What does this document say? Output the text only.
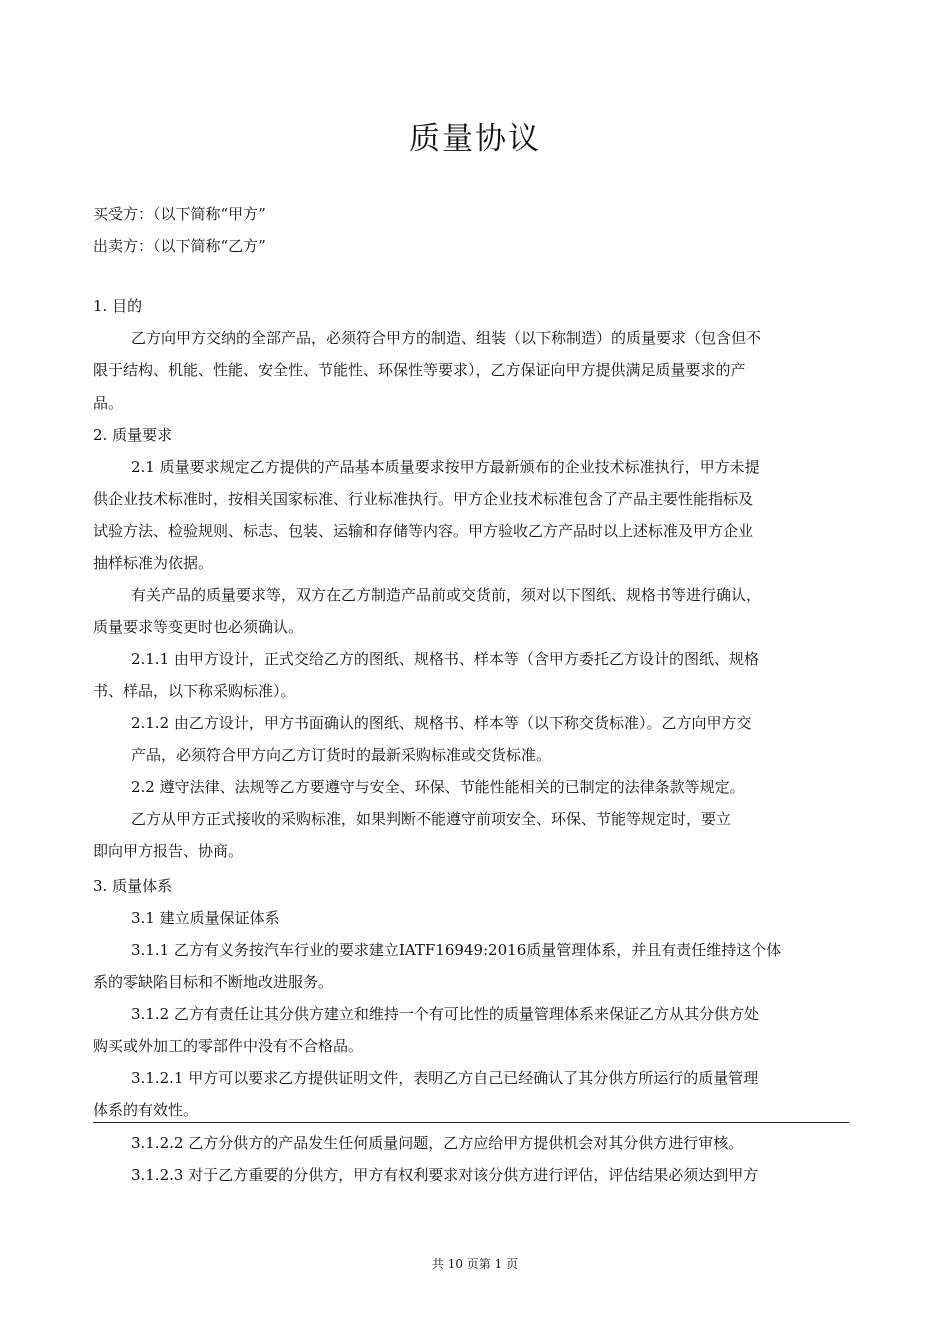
质量协议

买受方：（以下简称“甲方”

出卖方：（以下简称“乙方”

1. 目的

乙方向甲方交纳的全部产品，必须符合甲方的制造、组装（以下称制造）的质量要求（包含但不

限于结构、机能、性能、安全性、节能性、环保性等要求），乙方保证向甲方提供满足质量要求的产

品。

2. 质量要求

2.1 质量要求规定乙方提供的产品基本质量要求按甲方最新颁布的企业技术标准执行，甲方未提

供企业技术标准时，按相关国家标准、行业标准执行。甲方企业技术标准包含了产品主要性能指标及

试验方法、检验规则、标志、包装、运输和存储等内容。甲方验收乙方产品时以上述标准及甲方企业

抽样标准为依据。

有关产品的质量要求等，双方在乙方制造产品前或交货前，须对以下图纸、规格书等进行确认，

质量要求等变更时也必须确认。

2.1.1 由甲方设计，正式交给乙方的图纸、规格书、样本等（含甲方委托乙方设计的图纸、规格

书、样品，以下称采购标准）。

2.1.2 由乙方设计，甲方书面确认的图纸、规格书、样本等（以下称交货标准）。乙方向甲方交

产品，必须符合甲方向乙方订货时的最新采购标准或交货标准。

2.2 遵守法律、法规等乙方要遵守与安全、环保、节能性能相关的已制定的法律条款等规定。

乙方从甲方正式接收的采购标准，如果判断不能遵守前项安全、环保、节能等规定时，要立

即向甲方报告、协商。

3. 质量体系

3.1 建立质量保证体系

3.1.1 乙方有义务按汽车行业的要求建立IATF16949:2016质量管理体系，并且有责任维持这个体

系的零缺陷目标和不断地改进服务。

3.1.2 乙方有责任让其分供方建立和维持一个有可比性的质量管理体系来保证乙方从其分供方处

购买或外加工的零部件中没有不合格品。

3.1.2.1 甲方可以要求乙方提供证明文件，表明乙方自己已经确认了其分供方所运行的质量管理

体系的有效性。

3.1.2.2 乙方分供方的产品发生任何质量问题，乙方应给甲方提供机会对其分供方进行审核。

3.1.2.3 对于乙方重要的分供方，甲方有权利要求对该分供方进行评估，评估结果必须达到甲方

共 10 页第 1 页
